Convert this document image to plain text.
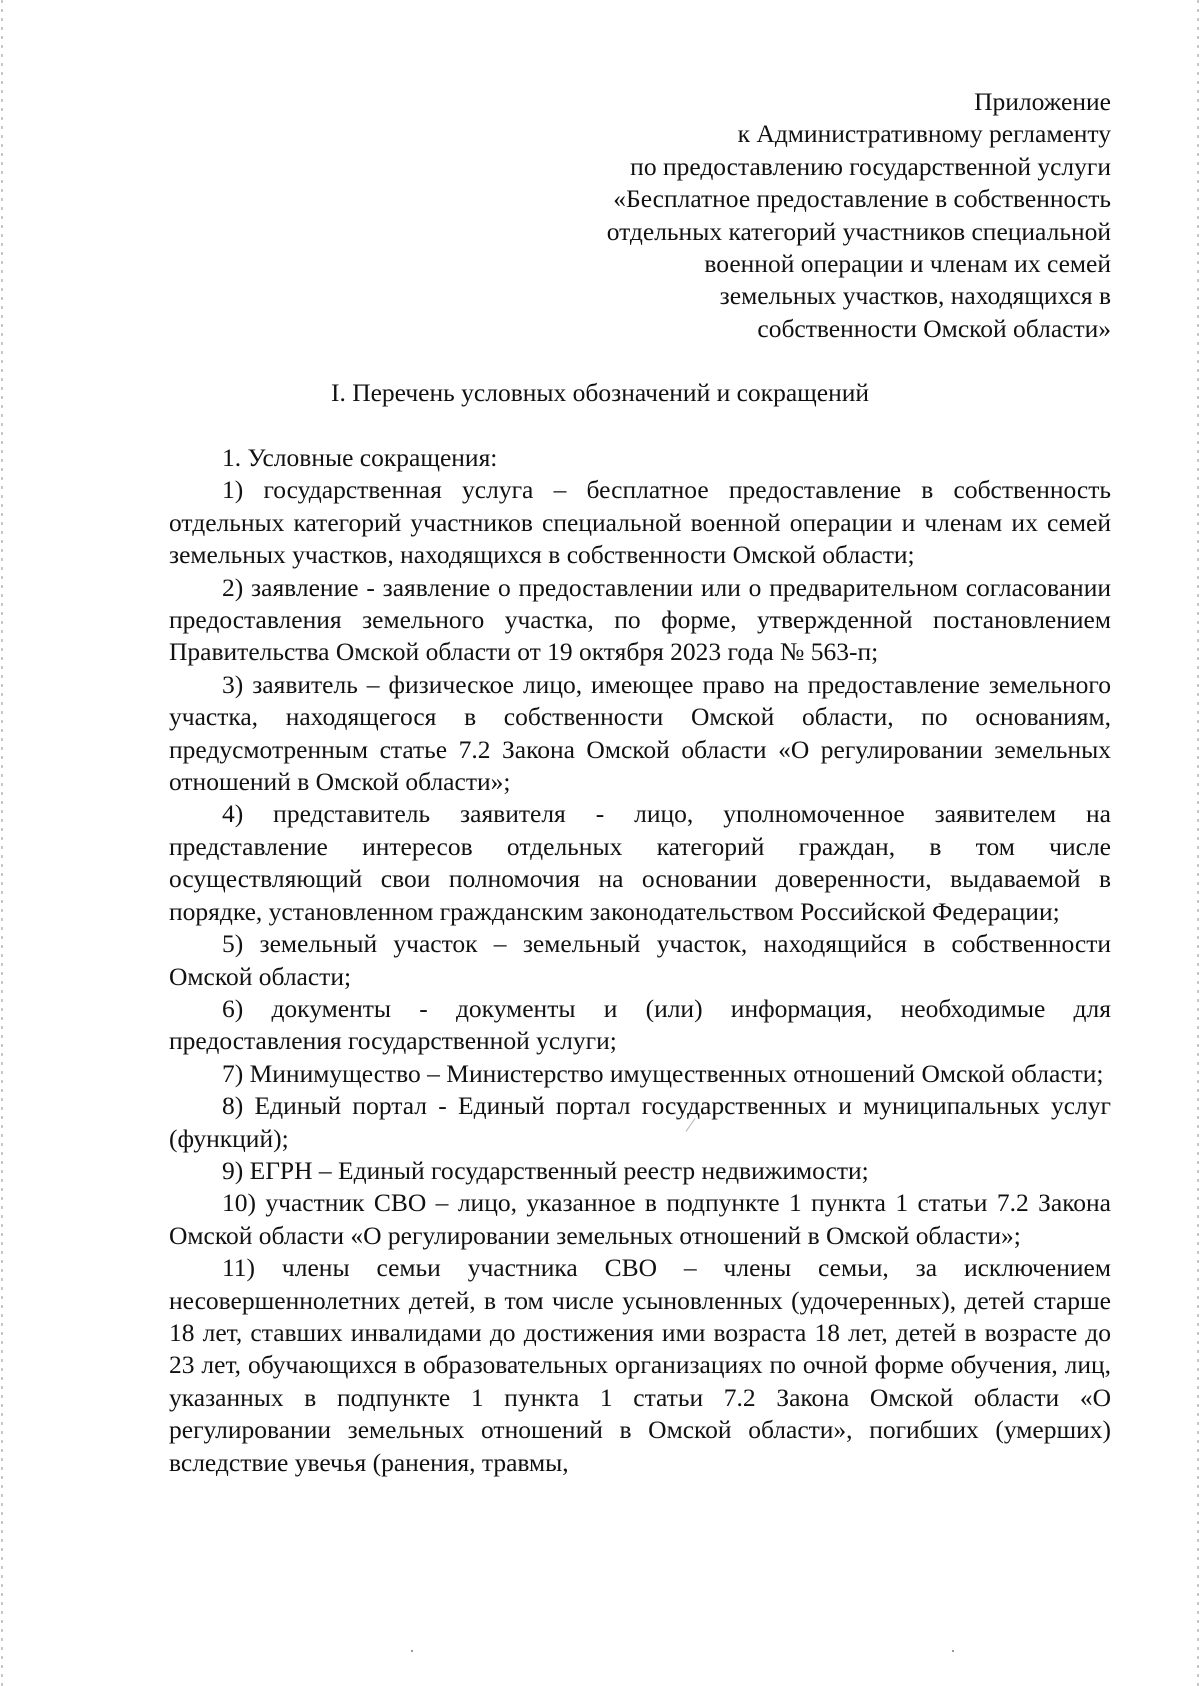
Приложение
к Административному регламенту
по предоставлению государственной услуги
«Бесплатное предоставление в собственность
отдельных категорий участников специальной
военной операции и членам их семей
земельных участков, находящихся в
собственности Омской области»
I. Перечень условных обозначений и сокращений

1. Условные сокращения:

1) государственная услуга – бесплатное предоставление в собственность отдельных категорий участников специальной военной операции и членам их семей земельных участков, находящихся в собственности Омской области;

2) заявление - заявление о предоставлении или о предварительном согласовании предоставления земельного участка, по форме, утвержденной постановлением Правительства Омской области от 19 октября 2023 года № 563-п;

3) заявитель – физическое лицо, имеющее право на предоставление земельного участка, находящегося в собственности Омской области, по основаниям, предусмотренным статье 7.2 Закона Омской области «О регулировании земельных отношений в Омской области»;

4) представитель заявителя - лицо, уполномоченное заявителем на представление интересов отдельных категорий граждан, в том числе осуществляющий свои полномочия на основании доверенности, выдаваемой в порядке, установленном гражданским законодательством Российской Федерации;

5) земельный участок – земельный участок, находящийся в собственности Омской области;

6) документы - документы и (или) информация, необходимые для предоставления государственной услуги;

7) Минимущество – Министерство имущественных отношений Омской области;

8) Единый портал - Единый портал государственных и муниципальных услуг (функций);

9) ЕГРН – Единый государственный реестр недвижимости;

10) участник СВО – лицо, указанное в подпункте 1 пункта 1 статьи 7.2 Закона Омской области «О регулировании земельных отношений в Омской области»;

11) члены семьи участника СВО – члены семьи, за исключением несовершеннолетних детей, в том числе усыновленных (удочеренных), детей старше 18 лет, ставших инвалидами до достижения ими возраста 18 лет, детей в возрасте до 23 лет, обучающихся в образовательных организациях по очной форме обучения, лиц, указанных в подпункте 1 пункта 1 статьи 7.2 Закона Омской области «О регулировании земельных отношений в Омской области», погибших (умерших) вследствие увечья (ранения, травмы,
